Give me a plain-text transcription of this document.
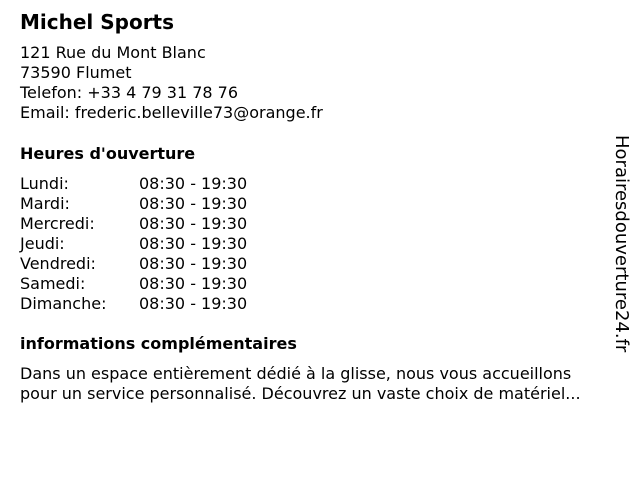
Michel Sports
121 Rue du Mont Blanc
73590 Flumet
Telefon: +33 4 79 31 78 76
Email: frederic.belleville73@orange.fr
Heures d'ouverture
Lundi:	08:30 - 19:30
Mardi:	08:30 - 19:30
Mercredi:	08:30 - 19:30
Jeudi:	08:30 - 19:30
Vendredi:	08:30 - 19:30
Samedi:	08:30 - 19:30
Dimanche:	08:30 - 19:30
informations complémentaires
Dans un espace entièrement dédié à la glisse, nous vous accueillons
pour un service personnalisé. Découvrez un vaste choix de matériel...
Horairesdouverture24.fr
